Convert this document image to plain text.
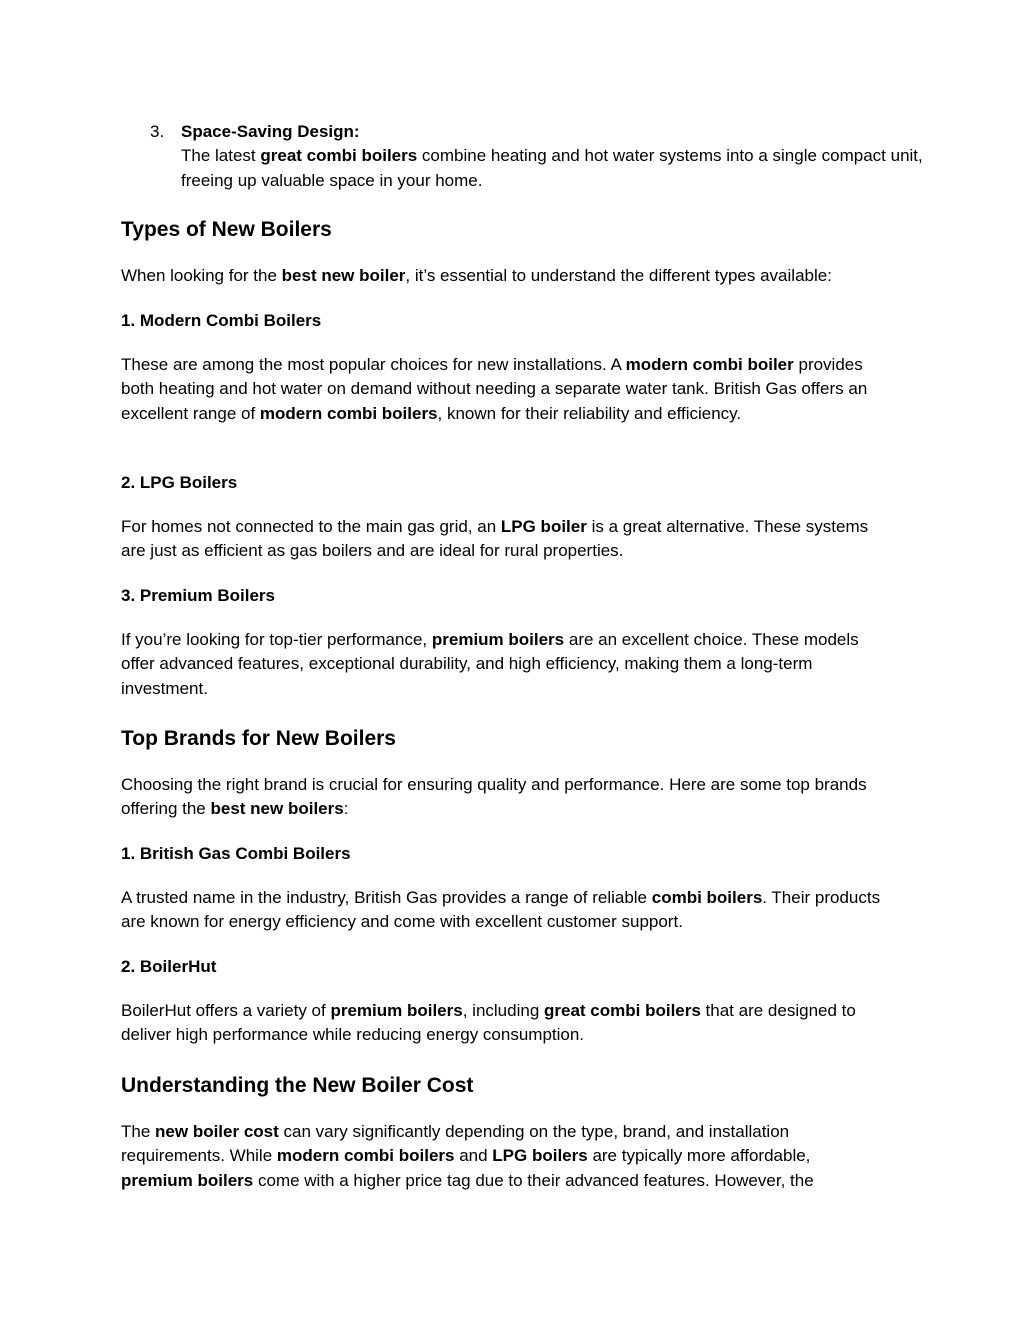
3. Space-Saving Design:
The latest great combi boilers combine heating and hot water systems into a single compact unit, freeing up valuable space in your home.
Types of New Boilers

When looking for the best new boiler, it’s essential to understand the different types available:

1. Modern Combi Boilers

These are among the most popular choices for new installations. A modern combi boiler provides both heating and hot water on demand without needing a separate water tank. British Gas offers an excellent range of modern combi boilers, known for their reliability and efficiency.

2. LPG Boilers

For homes not connected to the main gas grid, an LPG boiler is a great alternative. These systems are just as efficient as gas boilers and are ideal for rural properties.

3. Premium Boilers

If you’re looking for top-tier performance, premium boilers are an excellent choice. These models offer advanced features, exceptional durability, and high efficiency, making them a long-term investment.

Top Brands for New Boilers

Choosing the right brand is crucial for ensuring quality and performance. Here are some top brands offering the best new boilers:

1. British Gas Combi Boilers

A trusted name in the industry, British Gas provides a range of reliable combi boilers. Their products are known for energy efficiency and come with excellent customer support.

2. BoilerHut

BoilerHut offers a variety of premium boilers, including great combi boilers that are designed to deliver high performance while reducing energy consumption.

Understanding the New Boiler Cost

The new boiler cost can vary significantly depending on the type, brand, and installation requirements. While modern combi boilers and LPG boilers are typically more affordable, premium boilers come with a higher price tag due to their advanced features. However, the
